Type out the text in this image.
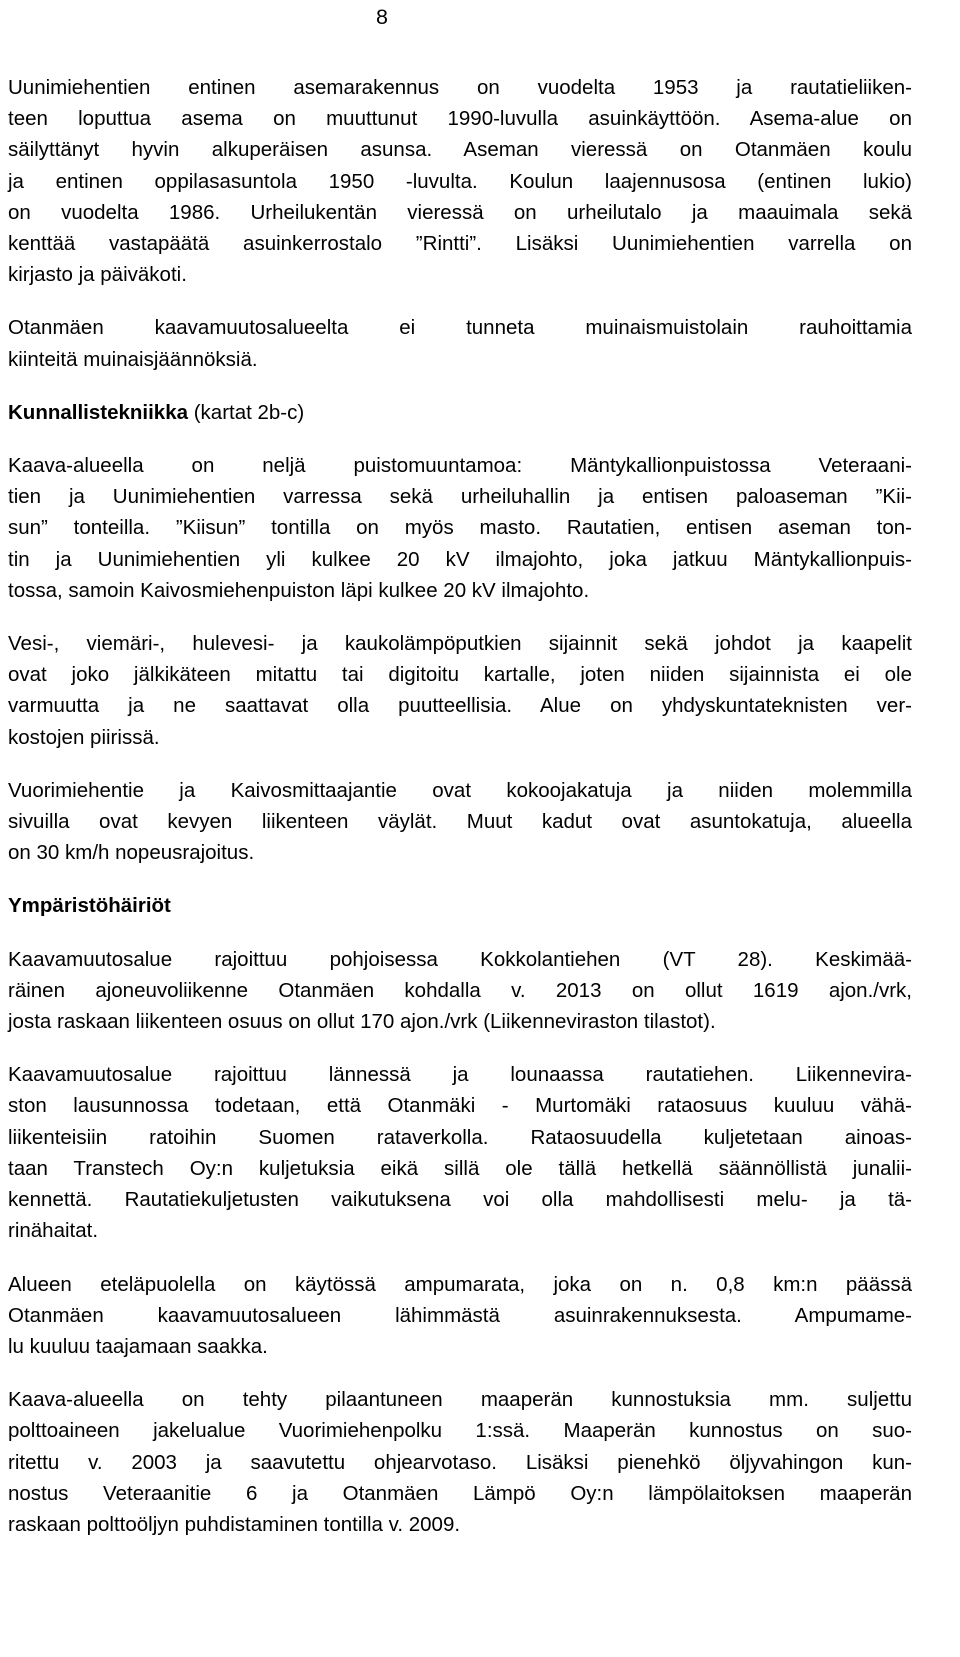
8

Uunimiehentien entinen asemarakennus on vuodelta 1953 ja rautatieliiken-
teen loputtua asema on muuttunut 1990-luvulla asuinkäyttöön. Asema-alue on
säilyttänyt hyvin alkuperäisen asunsa. Aseman vieressä on Otanmäen koulu
ja entinen oppilasasuntola 1950 -luvulta. Koulun laajennusosa (entinen lukio)
on vuodelta 1986. Urheilukentän vieressä on urheilutalo ja maauimala sekä
kenttää vastapäätä asuinkerrostalo ”Rintti”. Lisäksi Uunimiehentien varrella on
kirjasto ja päiväkoti.

Otanmäen kaavamuutosalueelta ei tunneta muinaismuistolain rauhoittamia
kiinteitä muinaisjäännöksiä.

Kunnallistekniikka (kartat 2b-c)

Kaava-alueella on neljä puistomuuntamoa: Mäntykallionpuistossa Veteraani-
tien ja Uunimiehentien varressa sekä urheiluhallin ja entisen paloaseman ”Kii-
sun” tonteilla. ”Kiisun” tontilla on myös masto. Rautatien, entisen aseman ton-
tin ja Uunimiehentien yli kulkee 20 kV ilmajohto, joka jatkuu Mäntykallionpuis-
tossa, samoin Kaivosmiehenpuiston läpi kulkee 20 kV ilmajohto.

Vesi-, viemäri-, hulevesi- ja kaukolämpöputkien sijainnit sekä johdot ja kaapelit
ovat joko jälkikäteen mitattu tai digitoitu kartalle, joten niiden sijainnista ei ole
varmuutta ja ne saattavat olla puutteellisia. Alue on yhdyskuntateknisten ver-
kostojen piirissä.

Vuorimiehentie ja Kaivosmittaajantie ovat kokoojakatuja ja niiden molemmilla
sivuilla ovat kevyen liikenteen väylät. Muut kadut ovat asuntokatuja, alueella
on 30 km/h nopeusrajoitus.

Ympäristöhäiriöt

Kaavamuutosalue rajoittuu pohjoisessa Kokkolantiehen (VT 28). Keskimää-
räinen ajoneuvoliikenne Otanmäen kohdalla v. 2013 on ollut 1619 ajon./vrk,
josta raskaan liikenteen osuus on ollut 170 ajon./vrk (Liikenneviraston tilastot).

Kaavamuutosalue rajoittuu lännessä ja lounaassa rautatiehen. Liikennevira-
ston lausunnossa todetaan, että Otanmäki - Murtomäki rataosuus kuuluu vähä-
liikenteisiin ratoihin Suomen rataverkolla. Rataosuudella kuljetetaan ainoas-
taan Transtech Oy:n kuljetuksia eikä sillä ole tällä hetkellä säännöllistä junalii-
kennettä. Rautatiekuljetusten vaikutuksena voi olla mahdollisesti melu- ja tä-
rinähaitat.

Alueen eteläpuolella on käytössä ampumarata, joka on n. 0,8 km:n päässä
Otanmäen kaavamuutosalueen lähimmästä asuinrakennuksesta. Ampumame-
lu kuuluu taajamaan saakka.

Kaava-alueella on tehty pilaantuneen maaperän kunnostuksia mm. suljettu
polttoaineen jakelualue Vuorimiehenpolku 1:ssä. Maaperän kunnostus on suo-
ritettu v. 2003 ja saavutettu ohjearvotaso. Lisäksi pienehkö öljyvahingon kun-
nostus Veteraanitie 6 ja Otanmäen Lämpö Oy:n lämpölaitoksen maaperän
raskaan polttoöljyn puhdistaminen tontilla v. 2009.
